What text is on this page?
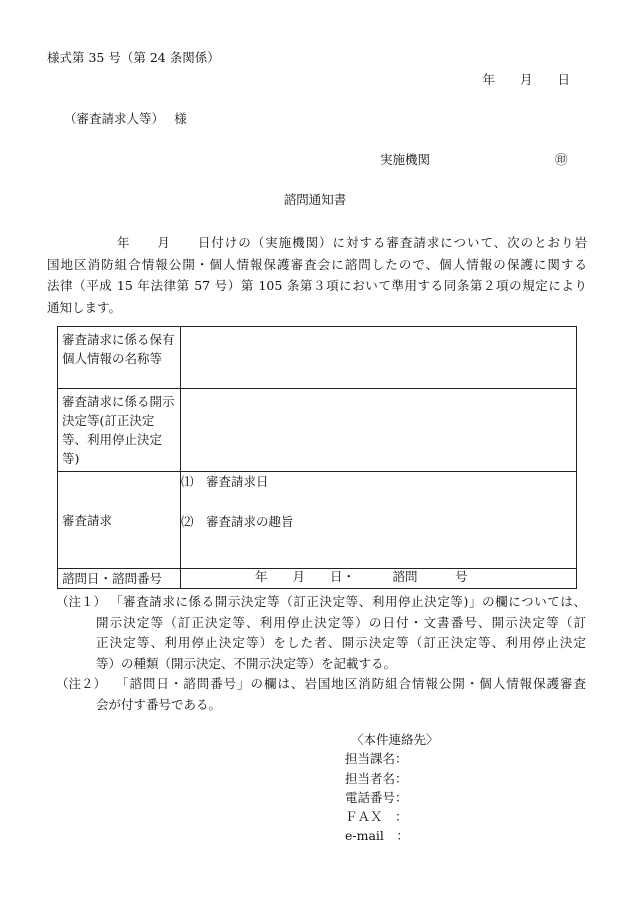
様式第 35 号（第 24 条関係）
年　　月　　日
（審査請求人等）　 様
実施機関	㊞
諮問通知書

年　　月　　日付けの（実施機関）に対する審査請求について、次のとおり岩

国地区消防組合情報公開・個人情報保護審査会に諮問したので、個人情報の保護に関する

法律（平成 15 年法律第 57 号）第 105 条第３項において準用する同条第２項の規定により

通知します。

審査請求に係る保有個人情報の名称等	
審査請求に係る開示決定等(訂正決定等、利用停止決定等)	
審査請求	⑴　審査請求日
⑵　審査請求の趣旨

諮問日・諮問番号	年　　月　　日・　　　諮問　　　号
（注１） 「審査請求に係る開示決定等（訂正決定等、利用停止決定等)」の欄については、
開示決定等（訂正決定等、利用停止決定等）の日付・文書番号、開示決定等（訂
正決定等、利用停止決定等）をした者、開示決定等（訂正決定等、利用停止決定
等）の種類（開示決定、不開示決定等）を記載する。
（注２） 「諮問日・諮問番号」の欄は、岩国地区消防組合情報公開・個人情報保護審査
会が付す番号である。
〈本件連絡先〉
担当課名：
担当者名：
電話番号：
ＦＡＸ　：
e-mail　：
